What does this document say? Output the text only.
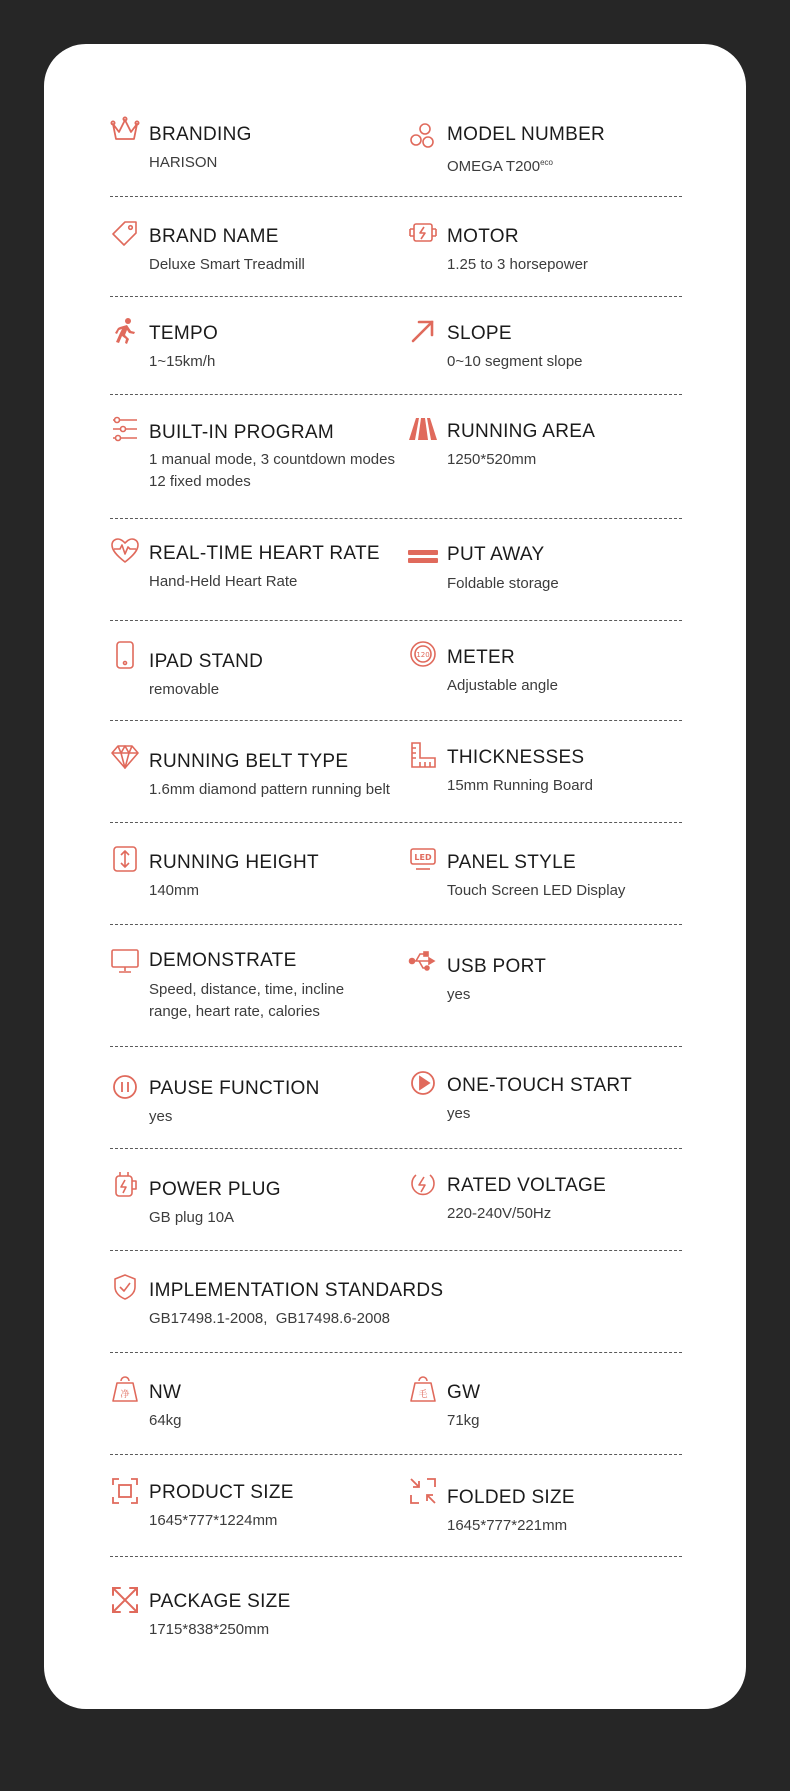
BRANDING
HARISON
MODEL NUMBER
OMEGA $T200^{eco}$
BRAND NAME
Deluxe Smart Treadmill
MOTOR
1.25 to 3 horsepower
TEMPO
1~15km/h
SLOPE
0~10 segment slope
BUILT-IN PROGRAM
1 manual mode, 3 countdown modes
12 fixed modes
RUNNING AREA
1250*520mm
REAL-TIME HEART RATE
Hand-Held Heart Rate
PUT AWAY
Foldable storage
IPAD STAND
removable
120 METER
Adjustable angle
RUNNING BELT TYPE
1.6mm diamond pattern running belt
THICKNESSES
15mm Running Board
RUNNING HEIGHT
140mm
LED PANEL STYLE
Touch Screen LED Display
DEMONSTRATE
Speed, distance, time, incline
range, heart rate, calories
USB PORT
yes
PAUSE FUNCTION
yes
ONE-TOUCH START
yes
POWER PLUG
GB plug 10A
RATED VOLTAGE
220-240V/50Hz
IMPLEMENTATION STANDARDS
GB17498.1-2008,  GB17498.6-2008
净 NW
64kg
毛 GW
71kg
PRODUCT SIZE
1645*777*1224mm
FOLDED SIZE
1645*777*221mm
PACKAGE SIZE
1715*838*250mm
